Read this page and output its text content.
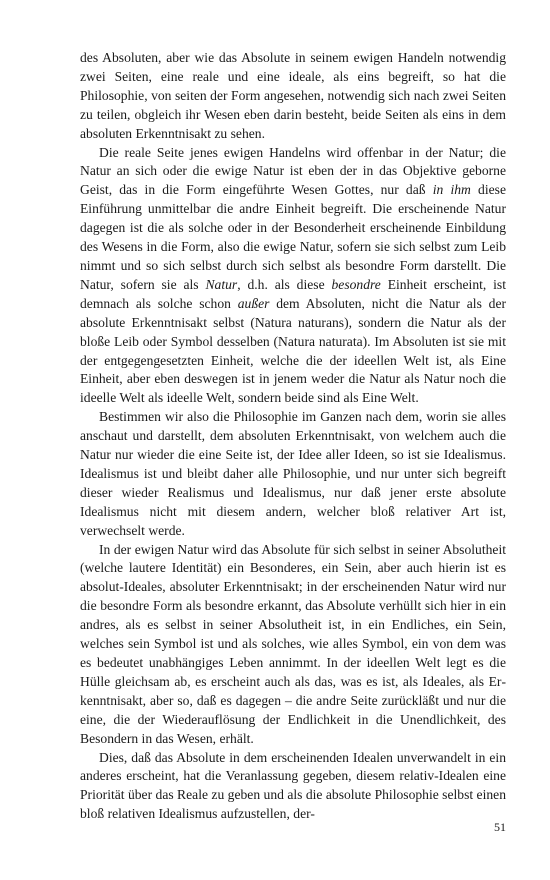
des Absoluten, aber wie das Absolute in seinem ewigen Handeln notwendig zwei Seiten, eine reale und eine ideale, als eins begreift, so hat die Philosophie, von seiten der Form angesehen, notwendig sich nach zwei Seiten zu teilen, obgleich ihr Wesen eben darin besteht, beide Seiten als eins in dem absoluten Erkenntnisakt zu sehen.

Die reale Seite jenes ewigen Handelns wird offenbar in der Natur; die Natur an sich oder die ewige Natur ist eben der in das Objektive geborne Geist, das in die Form eingeführte Wesen Gottes, nur daß in ihm diese Einführung unmittelbar die andre Einheit begreift. Die erscheinende Natur dagegen ist die als solche oder in der Besonderheit erscheinende Einbildung des Wesens in die Form, also die ewige Natur, sofern sie sich selbst zum Leib nimmt und so sich selbst durch sich selbst als besondre Form darstellt. Die Natur, sofern sie als Natur, d.h. als diese besondre Einheit erscheint, ist demnach als solche schon außer dem Absoluten, nicht die Natur als der absolute Erkenntnisakt selbst (Natura naturans), sondern die Natur als der bloße Leib oder Symbol desselben (Natura naturata). Im Absoluten ist sie mit der entgegengesetzten Einheit, welche die der ideellen Welt ist, als Eine Einheit, aber eben deswegen ist in jenem weder die Natur als Natur noch die ideelle Welt als ideelle Welt, sondern beide sind als Eine Welt.

Bestimmen wir also die Philosophie im Ganzen nach dem, worin sie alles anschaut und darstellt, dem absoluten Erkenntnisakt, von welchem auch die Natur nur wieder die eine Seite ist, der Idee aller Ideen, so ist sie Idealismus. Idealismus ist und bleibt daher alle Philosophie, und nur unter sich begreift dieser wieder Realismus und Idealismus, nur daß jener erste absolute Idealismus nicht mit diesem andern, welcher bloß relativer Art ist, verwechselt werde.

In der ewigen Natur wird das Absolute für sich selbst in seiner Absolutheit (welche lautere Identität) ein Besonderes, ein Sein, aber auch hierin ist es absolut-Ideales, absoluter Erkenntnisakt; in der erscheinenden Natur wird nur die besondre Form als besondre erkannt, das Absolute verhüllt sich hier in ein andres, als es selbst in seiner Absolutheit ist, in ein Endliches, ein Sein, welches sein Symbol ist und als solches, wie alles Symbol, ein von dem was es bedeutet unabhängiges Leben annimmt. In der ideellen Welt legt es die Hülle gleichsam ab, es erscheint auch als das, was es ist, als Ideales, als Erkenntnisakt, aber so, daß es dagegen – die andre Seite zurückläßt und nur die eine, die der Wiederauflösung der Endlichkeit in die Unendlichkeit, des Besondern in das Wesen, erhält.

Dies, daß das Absolute in dem erscheinenden Idealen unverwandelt in ein anderes erscheint, hat die Veranlassung gegeben, diesem relativ-Idealen eine Priorität über das Reale zu geben und als die absolute Philosophie selbst einen bloß relativen Idealismus aufzustellen, der-

51
